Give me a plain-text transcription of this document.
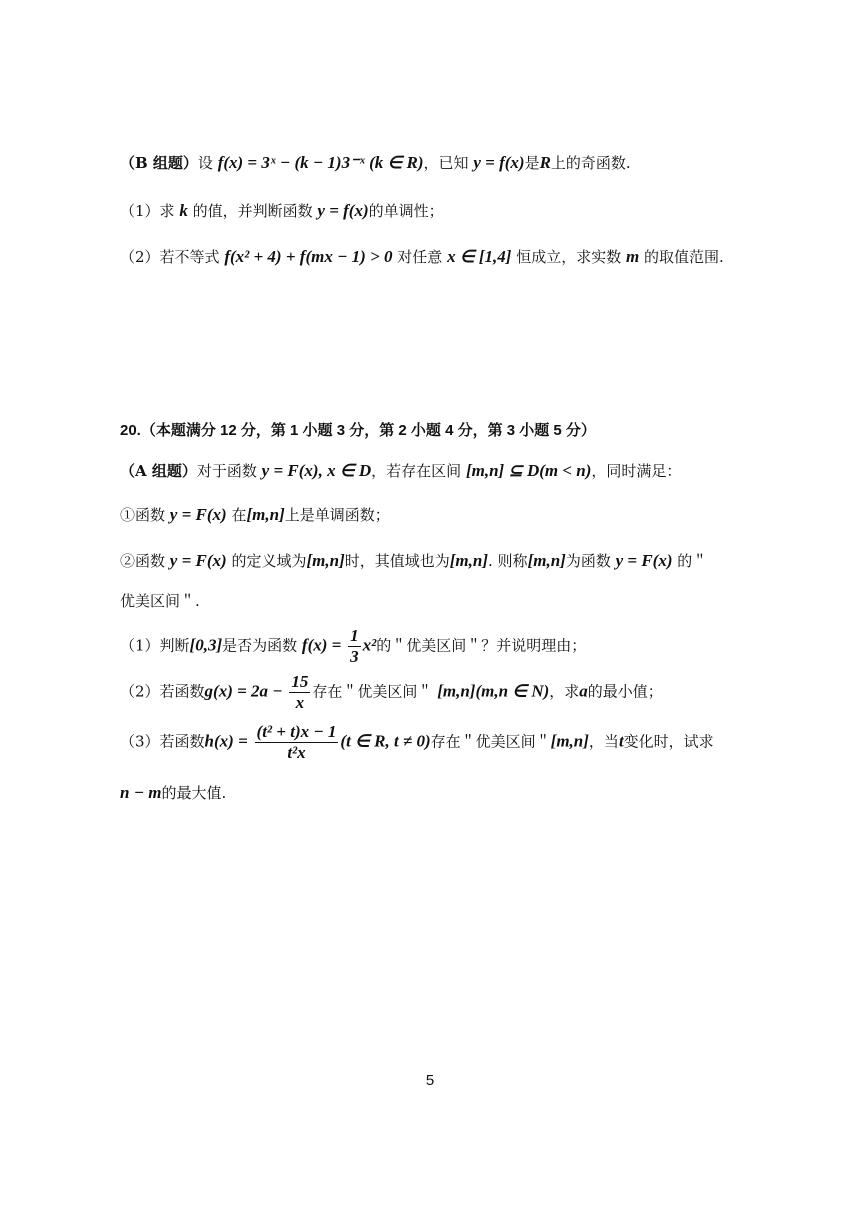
（B 组题）设 f(x) = 3ˣ − (k − 1)3⁻ˣ (k ∈ R)，已知 y = f(x)是R上的奇函数.
（1）求 k 的值，并判断函数 y = f(x)的单调性；
（2）若不等式 f(x² + 4) + f(mx − 1) > 0 对任意 x ∈ [1,4] 恒成立，求实数 m 的取值范围.
20.（本题满分 12 分，第 1 小题 3 分，第 2 小题 4 分，第 3 小题 5 分）
（A 组题）对于函数 y = F(x), x ∈ D，若存在区间 [m,n] ⊆ D(m < n)，同时满足：
①函数 y = F(x) 在[m,n]上是单调函数；
②函数 y = F(x) 的定义域为[m,n]时，其值域也为[m,n]. 则称[m,n]为函数 y = F(x) 的＂
优美区间＂.
（1）判断[0,3]是否为函数 $f(x) = \frac{1}{3} x^2$的＂优美区间＂？并说明理由；
（2）若函数$g(x) = 2a - \frac{15}{x}$ 存在＂优美区间＂ [m,n](m,n ∈ N)，求a的最小值；
（3）若函数$h(x) = \frac{\text{(t² + t)x − 1}}{\text{t²x}} (t$ ∈ R, t ≠ 0)存在＂优美区间＂[m,n]，当t变化时，试求
n − m的最大值.
5
